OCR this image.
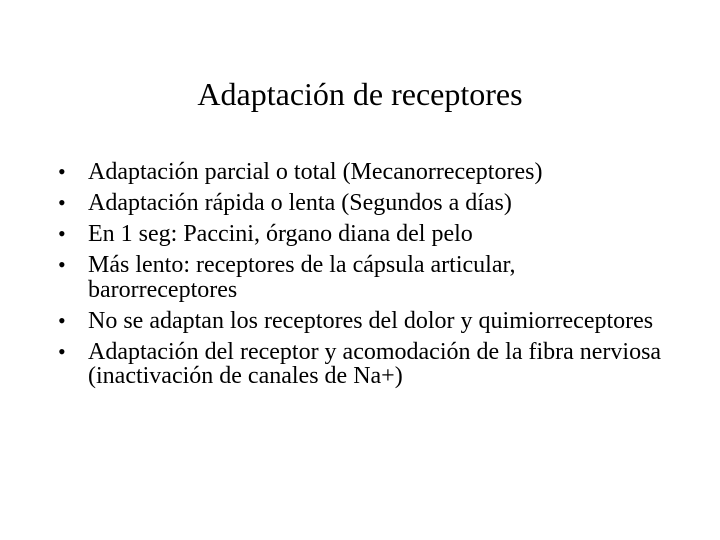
Adaptación de receptores
• Adaptación parcial o total (Mecanorreceptores)
• Adaptación rápida o lenta (Segundos a días)
• En 1 seg: Paccini, órgano diana del pelo
• Más lento: receptores de la cápsula articular, barorreceptores
• No se adaptan los receptores del dolor y quimiorreceptores
• Adaptación del receptor y acomodación de la fibra nerviosa (inactivación de canales de Na+)
